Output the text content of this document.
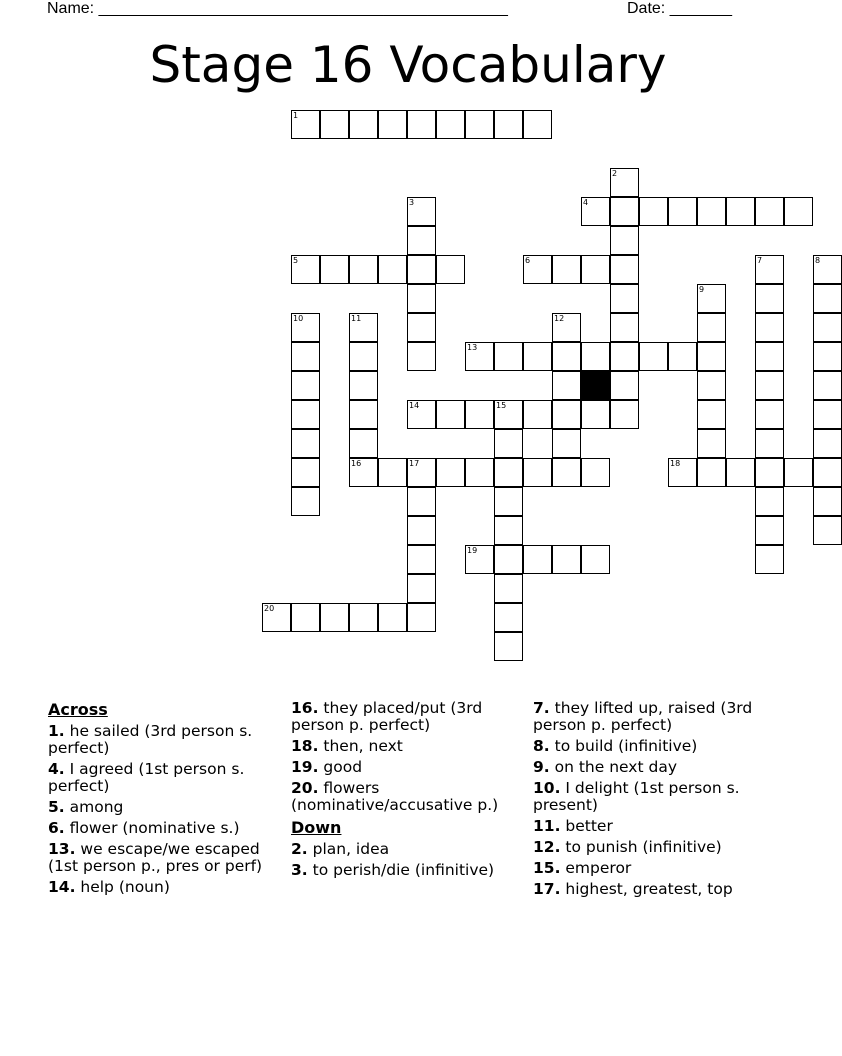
Name: ______________________________________________	Date: _______
Stage 16 Vocabulary
1
4
5	6
13
14	15
16	17	18
19
20
2
3
7	8
9
10	11	12
Across
1. he sailed (3rd person s. perfect)
4. I agreed (1st person s. perfect)
5. among
6. flower (nominative s.)
13. we escape/we escaped (1st person p., pres or perf)
14. help (noun)
16. they placed/put (3rd person p. perfect)
18. then, next
19. good
20. flowers (nominative/accusative p.)
Down
2. plan, idea
3. to perish/die (infinitive)
7. they lifted up, raised (3rd person p. perfect)
8. to build (infinitive)
9. on the next day
10. I delight (1st person s. present)
11. better
12. to punish (infinitive)
15. emperor
17. highest, greatest, top
